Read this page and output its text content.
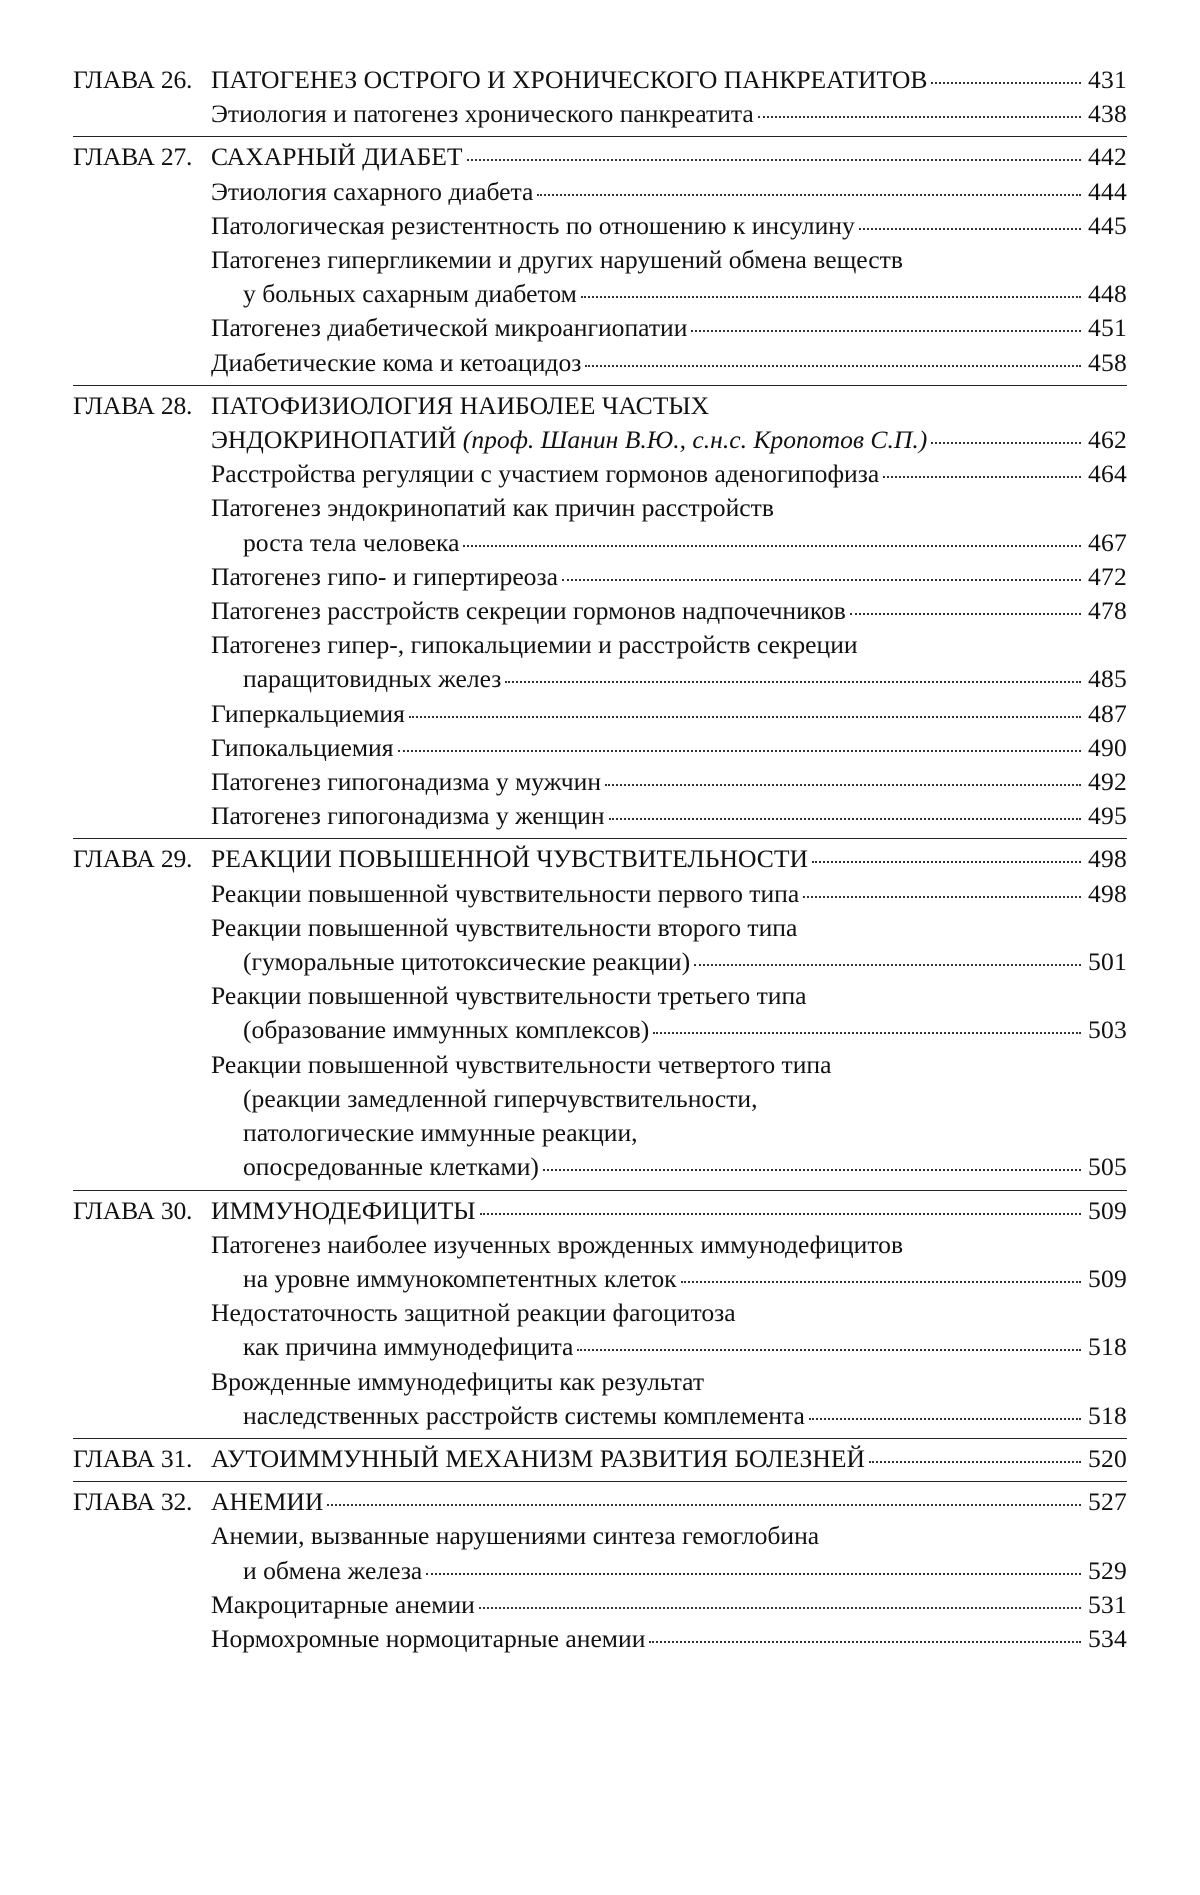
ГЛАВА 26. ПАТОГЕНЕЗ ОСТРОГО И ХРОНИЧЕСКОГО ПАНКРЕАТИТОВ	431
Этиология и патогенез хронического панкреатита	438
ГЛАВА 27. САХАРНЫЙ ДИАБЕТ	442
Этиология сахарного диабета	444
Патологическая резистентность по отношению к инсулину	445
Патогенез гипергликемии и других нарушений обмена веществ
у больных сахарным диабетом	448
Патогенез диабетической микроангиопатии	451
Диабетические кома и кетоацидоз	458
ГЛАВА 28. ПАТОФИЗИОЛОГИЯ НАИБОЛЕЕ ЧАСТЫХ
ЭНДОКРИНОПАТИЙ
(проф. Шанин В.Ю., с.н.с. Кропотов С.П.)	462
Расстройства регуляции с участием гормонов аденогипофиза	464
Патогенез эндокринопатий как причин расстройств
роста тела человека	467
Патогенез гипо- и гипертиреоза	472
Патогенез расстройств секреции гормонов надпочечников	478
Патогенез гипер-, гипокальциемии и расстройств секреции
паращитовидных желез	485
Гиперкальциемия	487
Гипокальциемия	490
Патогенез гипогонадизма у мужчин	492
Патогенез гипогонадизма у женщин	495
ГЛАВА 29. РЕАКЦИИ ПОВЫШЕННОЙ ЧУВСТВИТЕЛЬНОСТИ	498
Реакции повышенной чувствительности первого типа	498
Реакции повышенной чувствительности второго типа
(гуморальные цитотоксические реакции)	501
Реакции повышенной чувствительности третьего типа
(образование иммунных комплексов)	503
Реакции повышенной чувствительности четвертого типа
(реакции замедленной гиперчувствительности,
патологические иммунные реакции,
опосредованные клетками)	505
ГЛАВА 30. ИММУНОДЕФИЦИТЫ	509
Патогенез наиболее изученных врожденных иммунодефицитов
на уровне иммунокомпетентных клеток	509
Недостаточность защитной реакции фагоцитоза
как причина иммунодефицита	518
Врожденные иммунодефициты как результат
наследственных расстройств системы комплемента	518
ГЛАВА 31. АУТОИММУННЫЙ МЕХАНИЗМ РАЗВИТИЯ БОЛЕЗНЕЙ	520
ГЛАВА 32. АНЕМИИ	527
Анемии, вызванные нарушениями синтеза гемоглобина
и обмена железа	529
Макроцитарные анемии	531
Нормохромные нормоцитарные анемии	534
